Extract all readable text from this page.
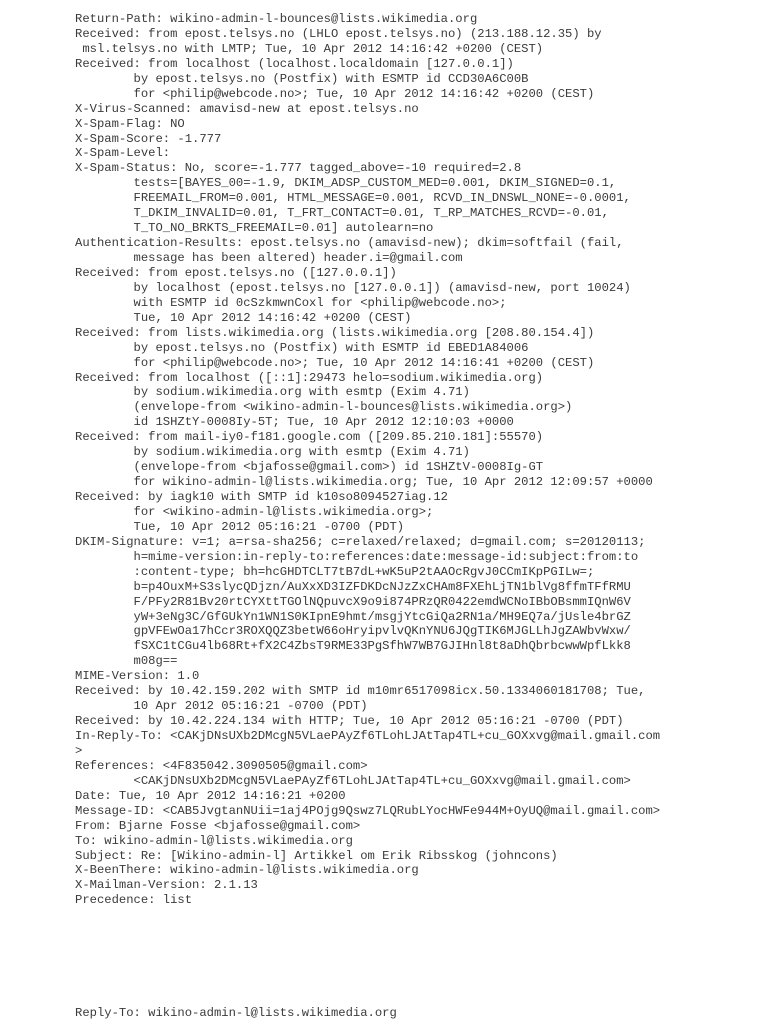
Return-Path: wikino-admin-l-bounces@lists.wikimedia.org
Received: from epost.telsys.no (LHLO epost.telsys.no) (213.188.12.35) by
msl.telsys.no with LMTP; Tue, 10 Apr 2012 14:16:42 +0200 (CEST)
Received: from localhost (localhost.localdomain [127.0.0.1])
by epost.telsys.no (Postfix) with ESMTP id CCD30A6C00B
for <philip@webcode.no>; Tue, 10 Apr 2012 14:16:42 +0200 (CEST)
X-Virus-Scanned: amavisd-new at epost.telsys.no
X-Spam-Flag: NO
X-Spam-Score: -1.777
X-Spam-Level:
X-Spam-Status: No, score=-1.777 tagged_above=-10 required=2.8
tests=[BAYES_00=-1.9, DKIM_ADSP_CUSTOM_MED=0.001, DKIM_SIGNED=0.1,
FREEMAIL_FROM=0.001, HTML_MESSAGE=0.001, RCVD_IN_DNSWL_NONE=-0.0001,
T_DKIM_INVALID=0.01, T_FRT_CONTACT=0.01, T_RP_MATCHES_RCVD=-0.01,
T_TO_NO_BRKTS_FREEMAIL=0.01] autolearn=no
Authentication-Results: epost.telsys.no (amavisd-new); dkim=softfail (fail,
message has been altered) header.i=@gmail.com
Received: from epost.telsys.no ([127.0.0.1])
by localhost (epost.telsys.no [127.0.0.1]) (amavisd-new, port 10024)
with ESMTP id 0cSzkmwnCoxl for <philip@webcode.no>;
Tue, 10 Apr 2012 14:16:42 +0200 (CEST)
Received: from lists.wikimedia.org (lists.wikimedia.org [208.80.154.4])
by epost.telsys.no (Postfix) with ESMTP id EBED1A84006
for <philip@webcode.no>; Tue, 10 Apr 2012 14:16:41 +0200 (CEST)
Received: from localhost ([::1]:29473 helo=sodium.wikimedia.org)
by sodium.wikimedia.org with esmtp (Exim 4.71)
(envelope-from <wikino-admin-l-bounces@lists.wikimedia.org>)
id 1SHZtY-0008Iy-5T; Tue, 10 Apr 2012 12:10:03 +0000
Received: from mail-iy0-f181.google.com ([209.85.210.181]:55570)
by sodium.wikimedia.org with esmtp (Exim 4.71)
(envelope-from <bjafosse@gmail.com>) id 1SHZtV-0008Ig-GT
for wikino-admin-l@lists.wikimedia.org; Tue, 10 Apr 2012 12:09:57 +0000
Received: by iagk10 with SMTP id k10so8094527iag.12
for <wikino-admin-l@lists.wikimedia.org>;
Tue, 10 Apr 2012 05:16:21 -0700 (PDT)
DKIM-Signature: v=1; a=rsa-sha256; c=relaxed/relaxed; d=gmail.com; s=20120113;
h=mime-version:in-reply-to:references:date:message-id:subject:from:to
:content-type; bh=hcGHDTCLT7tB7dL+wK5uP2tAAOcRgvJ0CCmIKpPGILw=;
b=p4OuxM+S3slycQDjzn/AuXxXD3IZFDKDcNJzZxCHAm8FXEhLjTN1blVg8ffmTFfRMU
F/PFy2R81Bv20rtCYXttTGOlNQpuvcX9o9i874PRzQR0422emdWCNoIBbOBsmmIQnW6V
yW+3eNg3C/GfGUkYn1WN1S0KIpnE9hmt/msgjYtcGiQa2RN1a/MH9EQ7a/jUsle4brGZ
gpVFEwOa17hCcr3ROXQQZ3betW66oHryipvlvQKnYNU6JQgTIK6MJGLLhJgZAWbvWxw/
fSXC1tCGu4lb68Rt+fX2C4ZbsT9RME33PgSfhW7WB7GJIHnl8t8aDhQbrbcwwWpfLkk8
m08g==
MIME-Version: 1.0
Received: by 10.42.159.202 with SMTP id m10mr6517098icx.50.1334060181708; Tue,
10 Apr 2012 05:16:21 -0700 (PDT)
Received: by 10.42.224.134 with HTTP; Tue, 10 Apr 2012 05:16:21 -0700 (PDT)
In-Reply-To: <CAKjDNsUXb2DMcgN5VLaePAyZf6TLohLJAtTap4TL+cu_GOXxvg@mail.gmail.com
>
References: <4F835042.3090505@gmail.com>
<CAKjDNsUXb2DMcgN5VLaePAyZf6TLohLJAtTap4TL+cu_GOXxvg@mail.gmail.com>
Date: Tue, 10 Apr 2012 14:16:21 +0200
Message-ID: <CAB5JvgtanNUii=1aj4POjg9Qswz7LQRubLYocHWFe944M+OyUQ@mail.gmail.com>
From: Bjarne Fosse <bjafosse@gmail.com>
To: wikino-admin-l@lists.wikimedia.org
Subject: Re: [Wikino-admin-l] Artikkel om Erik Ribsskog (johncons)
X-BeenThere: wikino-admin-l@lists.wikimedia.org
X-Mailman-Version: 2.1.13
Precedence: list
Reply-To: wikino-admin-l@lists.wikimedia.org
